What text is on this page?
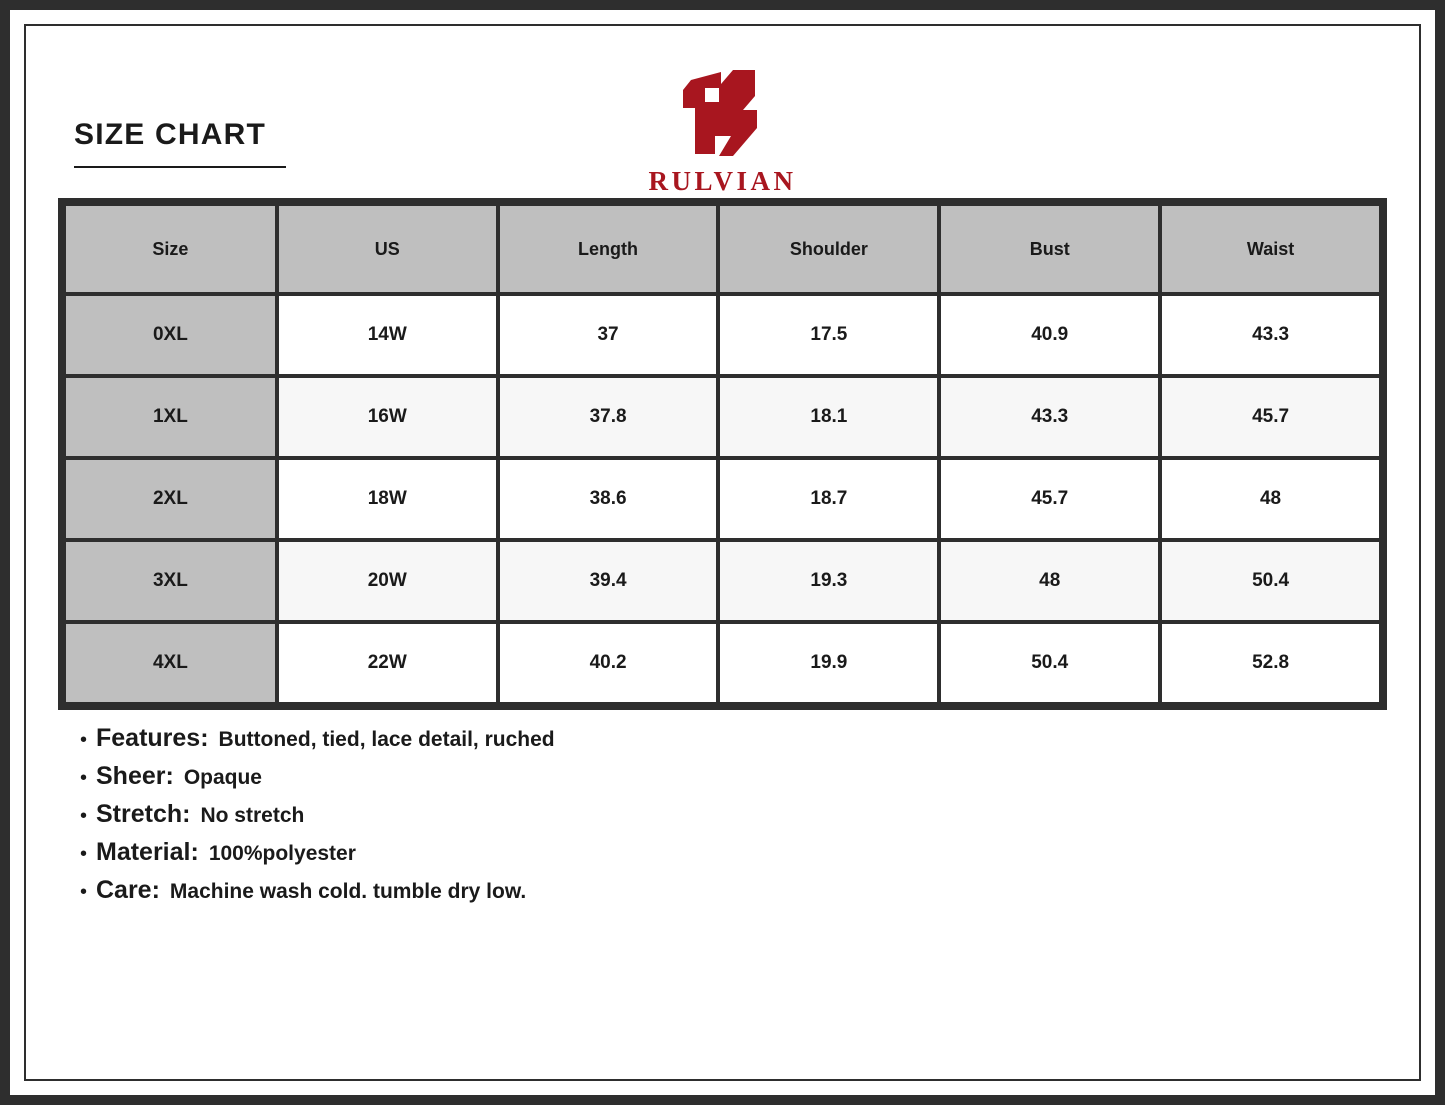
SIZE CHART
RULVIAN
Size	US	Length	Shoulder	Bust	Waist
0XL	14W	37	17.5	40.9	43.3
1XL	16W	37.8	18.1	43.3	45.7
2XL	18W	38.6	18.7	45.7	48
3XL	20W	39.4	19.3	48	50.4
4XL	22W	40.2	19.9	50.4	52.8
• Features: Buttoned, tied, lace detail, ruched
• Sheer: Opaque
• Stretch: No stretch
• Material: 100%polyester
• Care: Machine wash cold. tumble dry low.
